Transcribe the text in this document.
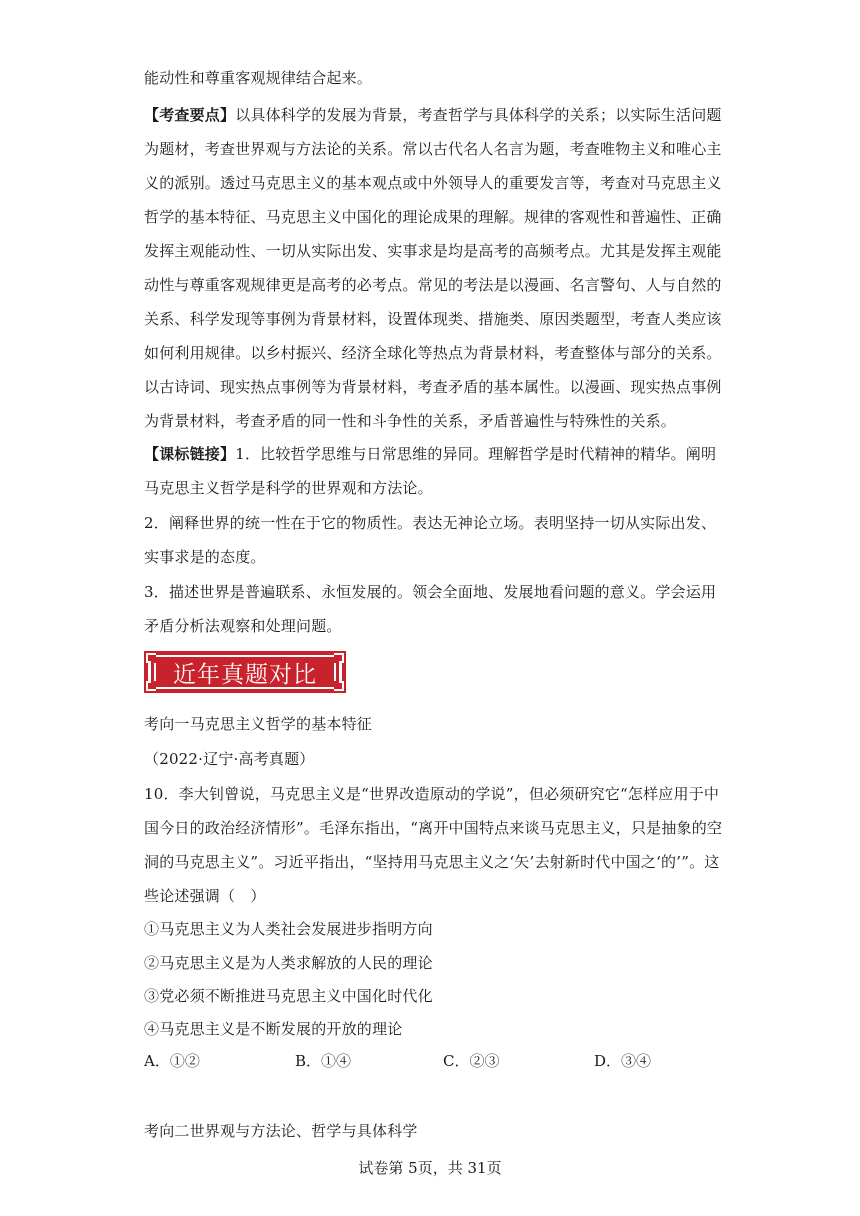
能动性和尊重客观规律结合起来。
【考查要点】以具体科学的发展为背景，考查哲学与具体科学的关系；以实际生活问题
为题材，考查世界观与方法论的关系。常以古代名人名言为题，考查唯物主义和唯心主
义的派别。透过马克思主义的基本观点或中外领导人的重要发言等，考查对马克思主义
哲学的基本特征、马克思主义中国化的理论成果的理解。规律的客观性和普遍性、正确
发挥主观能动性、一切从实际出发、实事求是均是高考的高频考点。尤其是发挥主观能
动性与尊重客观规律更是高考的必考点。常见的考法是以漫画、名言警句、人与自然的
关系、科学发现等事例为背景材料，设置体现类、措施类、原因类题型，考查人类应该
如何利用规律。以乡村振兴、经济全球化等热点为背景材料，考查整体与部分的关系。
以古诗词、现实热点事例等为背景材料，考查矛盾的基本属性。以漫画、现实热点事例
为背景材料，考查矛盾的同一性和斗争性的关系，矛盾普遍性与特殊性的关系。
【课标链接】1．比较哲学思维与日常思维的异同。理解哲学是时代精神的精华。阐明
马克思主义哲学是科学的世界观和方法论。
2．阐释世界的统一性在于它的物质性。表达无神论立场。表明坚持一切从实际出发、
实事求是的态度。
3．描述世界是普遍联系、永恒发展的。领会全面地、发展地看问题的意义。学会运用
矛盾分析法观察和处理问题。
近年真题对比
考向一马克思主义哲学的基本特征
（2022·辽宁·高考真题）
10．李大钊曾说，马克思主义是“世界改造原动的学说”，但必须研究它“怎样应用于中
国今日的政治经济情形”。毛泽东指出，“离开中国特点来谈马克思主义，只是抽象的空
洞的马克思主义”。习近平指出，“坚持用马克思主义之‘矢’去射新时代中国之‘的’”。这
些论述强调（　）
①马克思主义为人类社会发展进步指明方向
②马克思主义是为人类求解放的人民的理论
③党必须不断推进马克思主义中国化时代化
④马克思主义是不断发展的开放的理论
A．①②	B．①④	C．②③	D．③④
考向二世界观与方法论、哲学与具体科学
试卷第 5页，共 31页
